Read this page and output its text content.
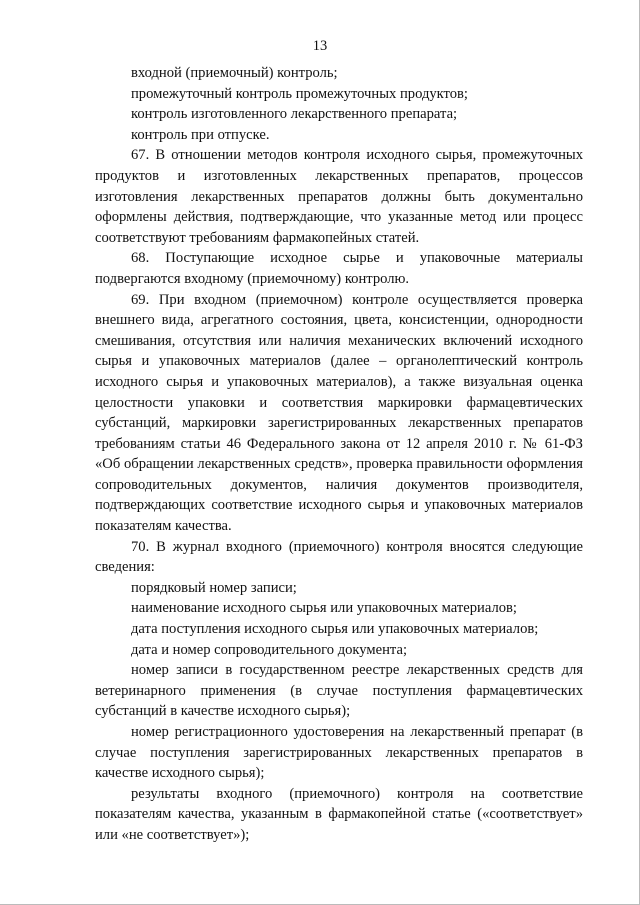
13

входной (приемочный) контроль;

промежуточный контроль промежуточных продуктов;

контроль изготовленного лекарственного препарата;

контроль при отпуске.

67. В отношении методов контроля исходного сырья, промежуточных продуктов и изготовленных лекарственных препаратов, процессов изготовления лекарственных препаратов должны быть документально оформлены действия, подтверждающие, что указанные метод или процесс соответствуют требованиям фармакопейных статей.

68. Поступающие исходное сырье и упаковочные материалы подвергаются входному (приемочному) контролю.

69. При входном (приемочном) контроле осуществляется проверка внешнего вида, агрегатного состояния, цвета, консистенции, однородности смешивания, отсутствия или наличия механических включений исходного сырья и упаковочных материалов (далее – органолептический контроль исходного сырья и упаковочных материалов), а также визуальная оценка целостности упаковки и соответствия маркировки фармацевтических субстанций, маркировки зарегистрированных лекарственных препаратов требованиям статьи 46 Федерального закона от 12 апреля 2010 г. № 61-ФЗ «Об обращении лекарственных средств», проверка правильности оформления сопроводительных документов, наличия документов производителя, подтверждающих соответствие исходного сырья и упаковочных материалов показателям качества.

70. В журнал входного (приемочного) контроля вносятся следующие сведения:

порядковый номер записи;

наименование исходного сырья или упаковочных материалов;

дата поступления исходного сырья или упаковочных материалов;

дата и номер сопроводительного документа;

номер записи в государственном реестре лекарственных средств для ветеринарного применения (в случае поступления фармацевтических субстанций в качестве исходного сырья);

номер регистрационного удостоверения на лекарственный препарат (в случае поступления зарегистрированных лекарственных препаратов в качестве исходного сырья);

результаты входного (приемочного) контроля на соответствие показателям качества, указанным в фармакопейной статье («соответствует» или «не соответствует»);
